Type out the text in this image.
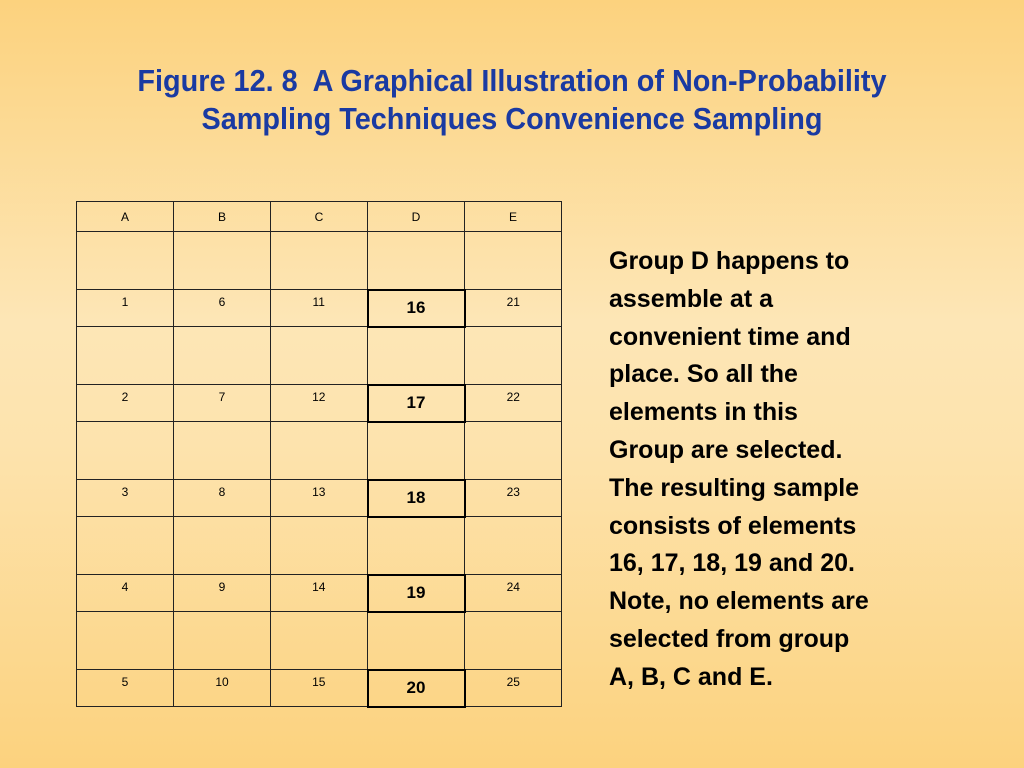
Figure 12. 8  A Graphical Illustration of Non-Probability
Sampling Techniques Convenience Sampling
A	B	C	D	E

1	6	11	16	21

2	7	12	17	22

3	8	13	18	23

4	9	14	19	24

5	10	15	20	25
Group D happens to
assemble at a
convenient time and
place. So all the
elements in this
Group are selected.
The resulting sample
consists of elements
16, 17, 18, 19 and 20.
Note, no elements are
selected from group
A, B, C and E.
